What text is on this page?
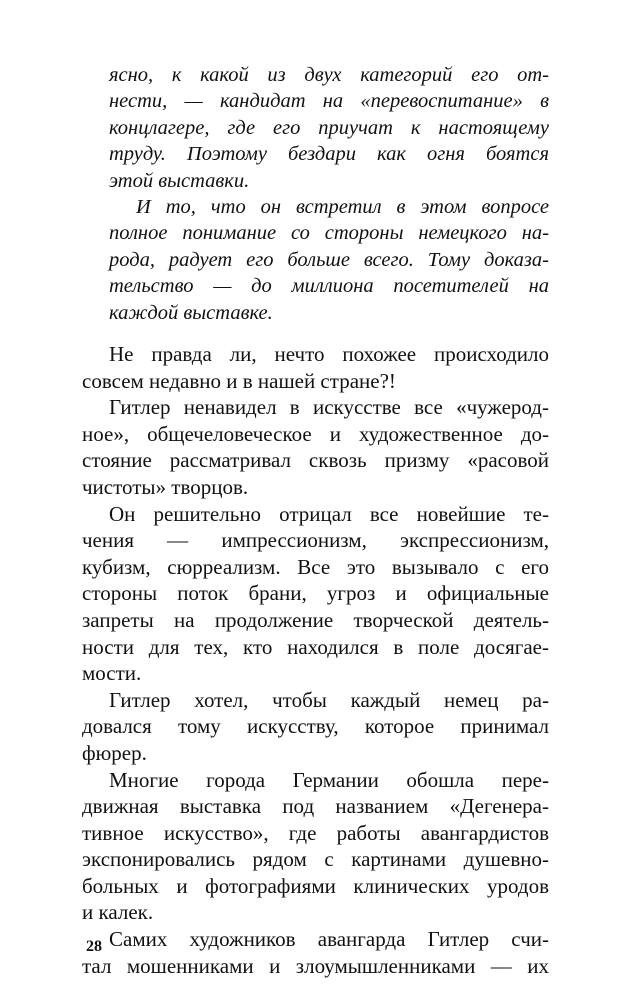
ясно, к какой из двух категорий его от-
нести, — кандидат на «перевоспитание» в
концлагере, где его приучат к настоящему
труду. Поэтому бездари как огня боятся
этой выставки.
И то, что он встретил в этом вопросе
полное понимание со стороны немецкого на-
рода, радует его больше всего. Тому доказа-
тельство — до миллиона посетителей на
каждой выставке.
Не правда ли, нечто похожее происходило
совсем недавно и в нашей стране?!
Гитлер ненавидел в искусстве все «чужерод-
ное», общечеловеческое и художественное до-
стояние рассматривал сквозь призму «расовой
чистоты» творцов.
Он решительно отрицал все новейшие те-
чения — импрессионизм, экспрессионизм,
кубизм, сюрреализм. Все это вызывало с его
стороны поток брани, угроз и официальные
запреты на продолжение творческой деятель-
ности для тех, кто находился в поле досягае-
мости.
Гитлер хотел, чтобы каждый немец ра-
довался тому искусству, которое принимал
фюрер.
Многие города Германии обошла пере-
движная выставка под названием «Дегенера-
тивное искусство», где работы авангардистов
экспонировались рядом с картинами душевно-
больных и фотографиями клинических уродов
и калек.
Самих художников авангарда Гитлер счи-
тал мошенниками и злоумышленниками — их
28
